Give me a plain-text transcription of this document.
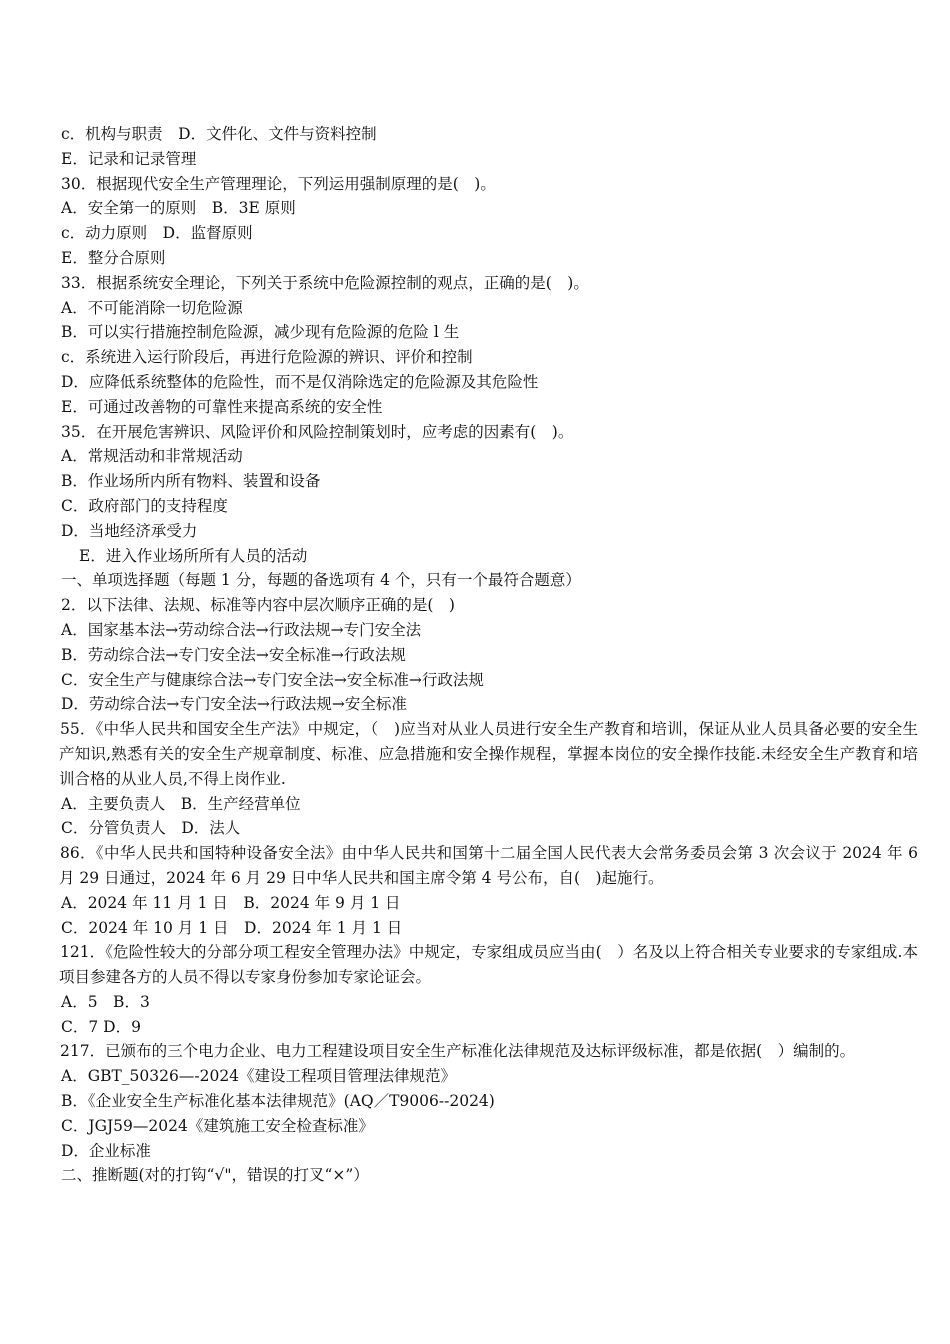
c．机构与职责　D．文件化、文件与资料控制
E．记录和记录管理
30．根据现代安全生产管理理论，下列运用强制原理的是(　)。
A．安全第一的原则　B．3E 原则
c．动力原则　D．监督原则
E．整分合原则
33．根据系统安全理论，下列关于系统中危险源控制的观点，正确的是(　)。
A．不可能消除一切危险源
B．可以实行措施控制危险源，减少现有危险源的危险 l 生
c．系统进入运行阶段后，再进行危险源的辨识、评价和控制
D．应降低系统整体的危险性，而不是仅消除选定的危险源及其危险性
E．可通过改善物的可靠性来提高系统的安全性
35．在开展危害辨识、风险评价和风险控制策划时，应考虑的因素有(　)。
A．常规活动和非常规活动
B．作业场所内所有物料、装置和设备
C．政府部门的支持程度
D．当地经济承受力
E．进入作业场所所有人员的活动
一、单项选择题（每题 1 分，每题的备选项有 4 个，只有一个最符合题意）
2．以下法律、法规、标准等内容中层次顺序正确的是(　)
A．国家基本法→劳动综合法→行政法规→专门安全法
B．劳动综合法→专门安全法→安全标准→行政法规
C．安全生产与健康综合法→专门安全法→安全标准→行政法规
D．劳动综合法→专门安全法→行政法规→安全标准
55．《中华人民共和国安全生产法》中规定，（　)应当对从业人员进行安全生产教育和培训，保证从业人员具备必要的安全生产知识,熟悉有关的安全生产规章制度、标准、应急措施和安全操作规程，掌握本岗位的安全操作技能.未经安全生产教育和培训合格的从业人员,不得上岗作业.
A．主要负责人　B．生产经营单位
C．分管负责人　D．法人
86．《中华人民共和国特种设备安全法》由中华人民共和国第十二届全国人民代表大会常务委员会第 3 次会议于 2024 年 6 月 29 日通过，2024 年 6 月 29 日中华人民共和国主席令第 4 号公布，自(　)起施行。
A．2024 年 11 月 1 日　B．2024 年 9 月 1 日
C．2024 年 10 月 1 日　D．2024 年 1 月 1 日
121．《危险性较大的分部分项工程安全管理办法》中规定，专家组成员应当由(　）名及以上符合相关专业要求的专家组成.本项目参建各方的人员不得以专家身份参加专家论证会。
A．5　B．3
C．7 D．9
217．已颁布的三个电力企业、电力工程建设项目安全生产标准化法律规范及达标评级标准，都是依据(　）编制的。
A．GBT_50326—-2024《建设工程项目管理法律规范》
B．《企业安全生产标准化基本法律规范》(AQ／T9006--2024)
C．JGJ59—2024《建筑施工安全检查标准》
D．企业标准
二、推断题(对的打钩“√"，错误的打叉“×”）
